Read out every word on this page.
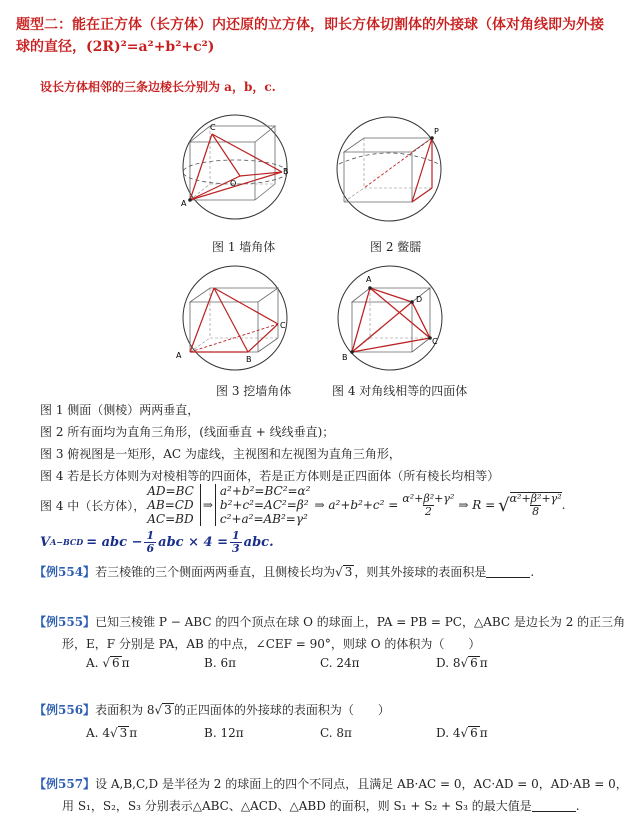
题型二：能在正方体（长方体）内还原的立方体，即长方体切割体的外接球（体对角线即为外接
球的直径，(2R)²=a²+b²+c²)
设长方体相邻的三条边棱长分别为 a，b，c.
C
B
A
O
图 1 墙角体
P
图 2 鳖臑
A	B
C
图 3 挖墙角体
A
B
D
C
图 4 对角线相等的四面体
图 1 侧面（侧棱）两两垂直，
图 2 所有面均为直角三角形，(线面垂直 + 线线垂直)；
图 3 俯视图是一矩形，AC 为虚线，主视图和左视图为直角三角形，
图 4 若是长方体则为对棱相等的四面体，若是正方体则是正四面体（所有棱长均相等）
图 4 中（长方体），
AD=BC
AB=CD
AC=BD
⇒
a²+b²=BC²=α²
b²+c²=AC²=β²
c²+a²=AB²=γ²
⇒ $a^2+b^2+c^2 = \frac{\text{α²+β²+γ²}}{2}$ ⇒ R = √ $\frac{\text{α²+β²+γ²}}{8}$ .
V A−BCD = abc − $\frac{1}{6}$ abc × $4 = \frac{1}{3}$ abc.
【例554】若三棱锥的三个侧面两两垂直，且侧棱长均为√ 3 ，则其外接球的表面积是	.
【例555】已知三棱锥 P − ABC 的四个顶点在球 O 的球面上，PA = PB = PC，△ABC 是边长为 2 的正三角
形，E，F 分别是 PA，AB 的中点，∠CEF = 90°，则球 O 的体积为（　　）
A. √ 6 π	B. 6π	C. 24π	D. 8√ 6 π
【例556】表面积为 8√ 3 的正四面体的外接球的表面积为（　　）
A. 4√ 3 π	B. 12π	C. 8π	D. 4√ 6 π
【例557】设 A,B,C,D 是半径为 2 的球面上的四个不同点，且满足 AB·AC = 0，AC·AD = 0，AD·AB = 0，
用 S₁，S₂，S₃ 分别表示△ABC、△ACD、△ABD 的面积，则 S₁ + S₂ + S₃ 的最大值是	.
